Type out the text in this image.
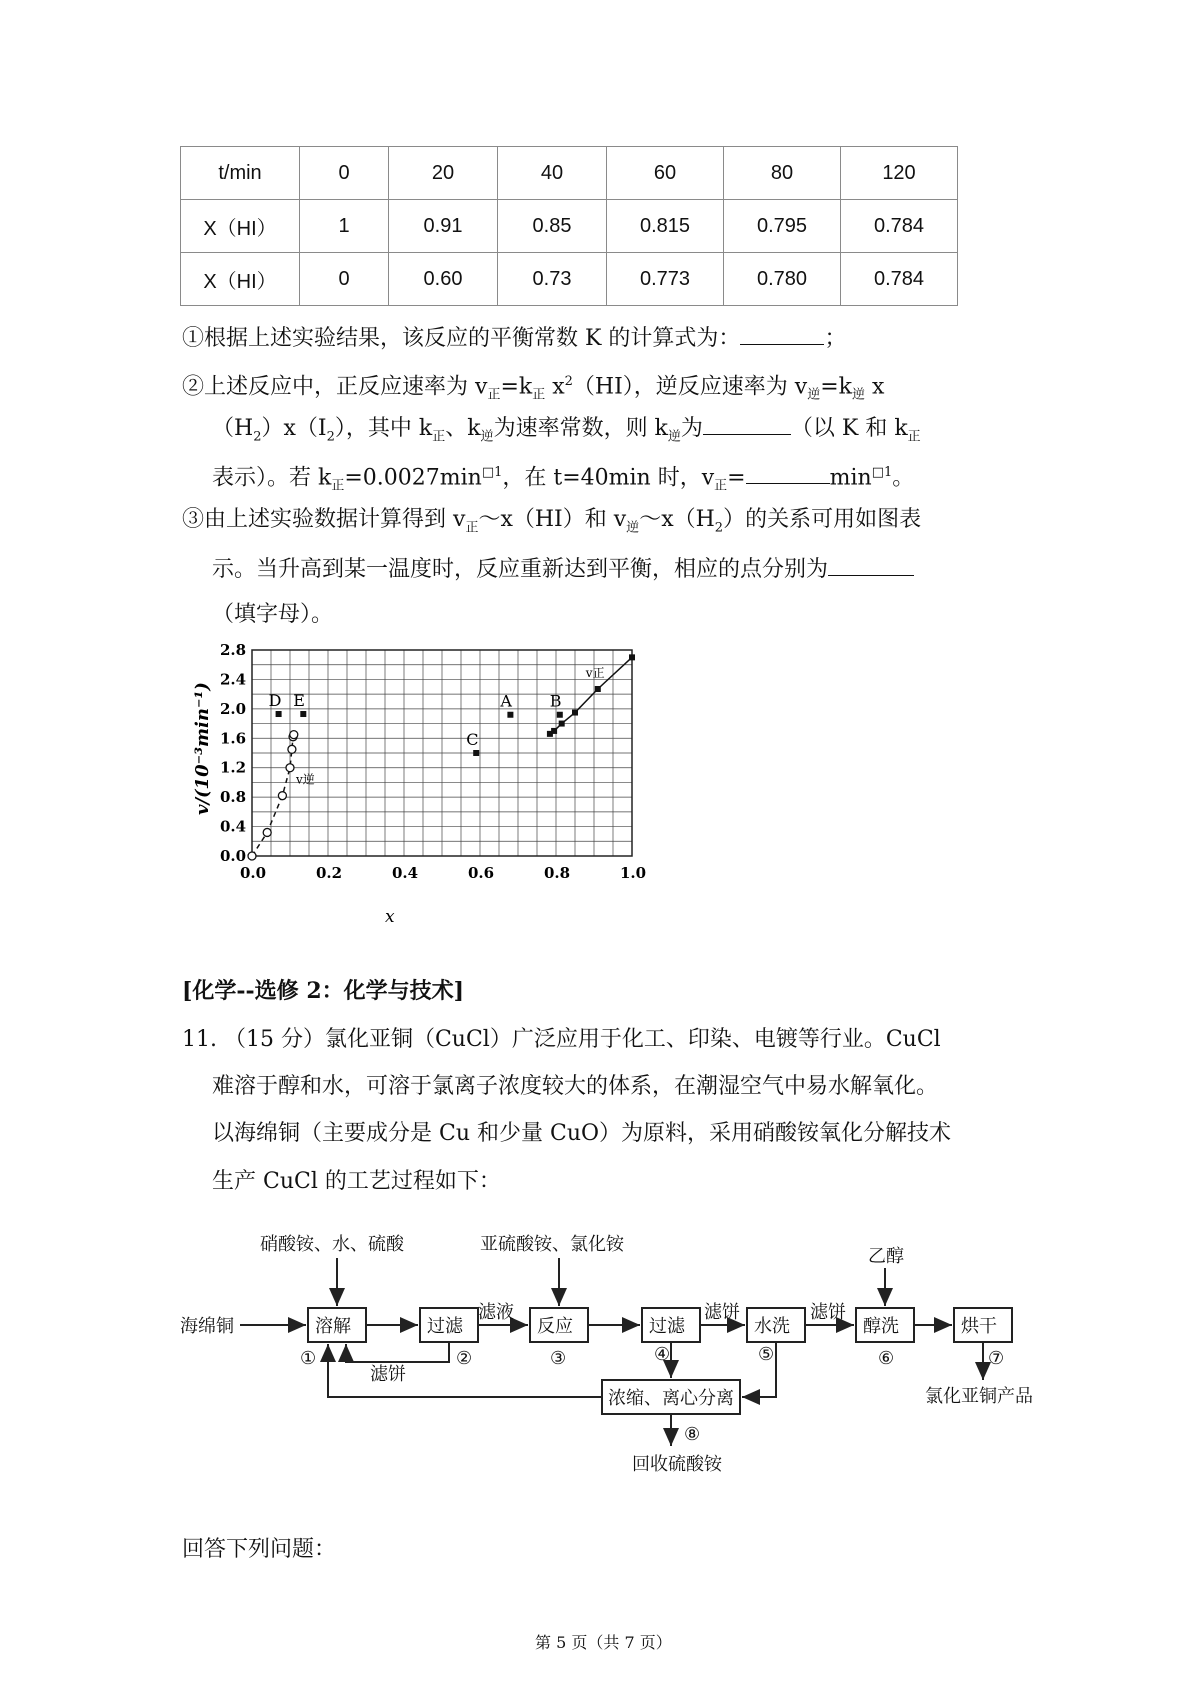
t/min	0	20	40	60	80	120
X（HI）	1	0.91	0.85	0.815	0.795	0.784
X（HI）	0	0.60	0.73	0.773	0.780	0.784
①根据上述实验结果，该反应的平衡常数 K 的计算式为：	；
②上述反应中，正反应速率为 $v_正=k_正$ $x^2(HI)$，逆反应速率为 $v_逆=k_逆$ x
$(H_2)x(I_2)$，其中 $k_正$、$k_逆$为速率常数，则 $k_逆$为	（以 K 和 $k_正$
表示）。若 $k_正=0.0027\min^{□1}$，在 t=40min 时，$v_正=$	$\min^{□1}$。
③由上述实验数据计算得到 $v_正\sim x(HI)$和 $v_逆\sim x(H_2)$的关系可用如图表
示。当升高到某一温度时，反应重新达到平衡，相应的点分别为
（填字母）。
0.0	0.2	0.4	0.6	0.8	1.0
0.0
0.4
0.8
1.2
1.6
2.0
2.4
2.8
v正
v逆
A B
C
D E
x
v/(10⁻³min⁻¹)
[化学--选修 2：化学与技术]
11. （15 分）氯化亚铜（CuCl）广泛应用于化工、印染、电镀等行业。CuCl
难溶于醇和水，可溶于氯离子浓度较大的体系，在潮湿空气中易水解氧化。
以海绵铜（主要成分是 Cu 和少量 CuO）为原料，采用硝酸铵氧化分解技术
生产 CuCl 的工艺过程如下：
硝酸铵、水、硫酸	亚硫酸铵、氯化铵
乙醇
海绵铜	溶解	过滤	反应	过滤	水洗	醇洗	烘干
浓缩、离心分离
滤液	滤饼	滤饼
滤饼
①	②	③	④	⑤	⑥	⑦
⑧
氯化亚铜产品
回收硫酸铵
回答下列问题：
第 5 页（共 7 页）
